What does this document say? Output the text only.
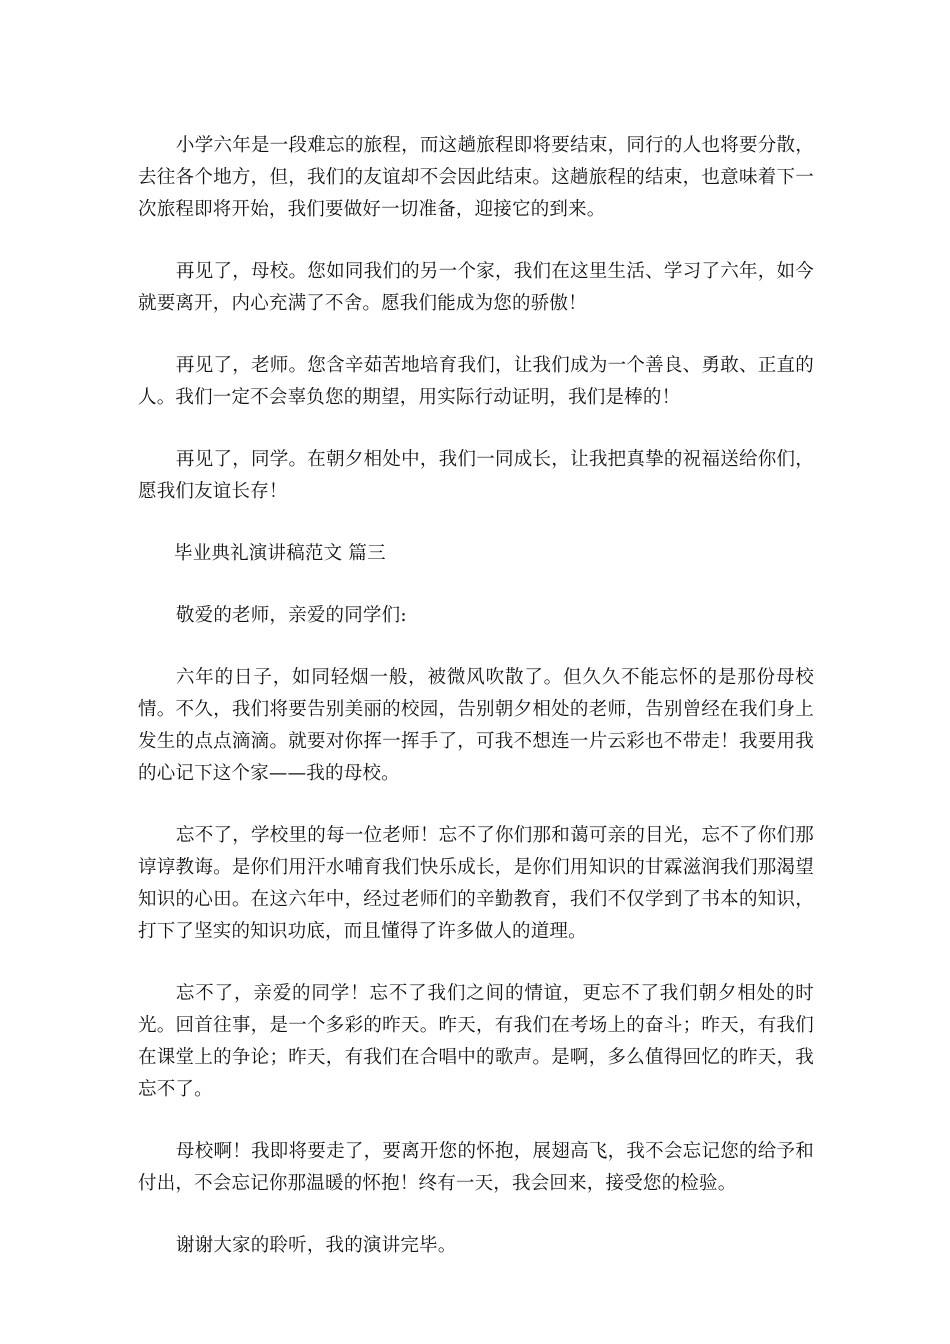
小学六年是一段难忘的旅程，而这趟旅程即将要结束，同行的人也将要分散，去往各个地方，但，我们的友谊却不会因此结束。这趟旅程的结束，也意味着下一次旅程即将开始，我们要做好一切准备，迎接它的到来。

再见了，母校。您如同我们的另一个家，我们在这里生活、学习了六年，如今就要离开，内心充满了不舍。愿我们能成为您的骄傲！

再见了，老师。您含辛茹苦地培育我们，让我们成为一个善良、勇敢、正直的人。我们一定不会辜负您的期望，用实际行动证明，我们是棒的！

再见了，同学。在朝夕相处中，我们一同成长，让我把真挚的祝福送给你们，愿我们友谊长存！

毕业典礼演讲稿范文 篇三

敬爱的老师，亲爱的同学们:

六年的日子，如同轻烟一般，被微风吹散了。但久久不能忘怀的是那份母校情。不久，我们将要告别美丽的校园，告别朝夕相处的老师，告别曾经在我们身上发生的点点滴滴。就要对你挥一挥手了，可我不想连一片云彩也不带走！我要用我的心记下这个家——我的母校。

忘不了，学校里的每一位老师！忘不了你们那和蔼可亲的目光，忘不了你们那谆谆教诲。是你们用汗水哺育我们快乐成长，是你们用知识的甘霖滋润我们那渴望知识的心田。在这六年中，经过老师们的辛勤教育，我们不仅学到了书本的知识，打下了坚实的知识功底，而且懂得了许多做人的道理。

忘不了，亲爱的同学！忘不了我们之间的情谊，更忘不了我们朝夕相处的时光。回首往事，是一个多彩的昨天。昨天，有我们在考场上的奋斗；昨天，有我们在课堂上的争论；昨天，有我们在合唱中的歌声。是啊，多么值得回忆的昨天，我忘不了。

母校啊！我即将要走了，要离开您的怀抱，展翅高飞，我不会忘记您的给予和付出，不会忘记你那温暖的怀抱！终有一天，我会回来，接受您的检验。

谢谢大家的聆听，我的演讲完毕。
